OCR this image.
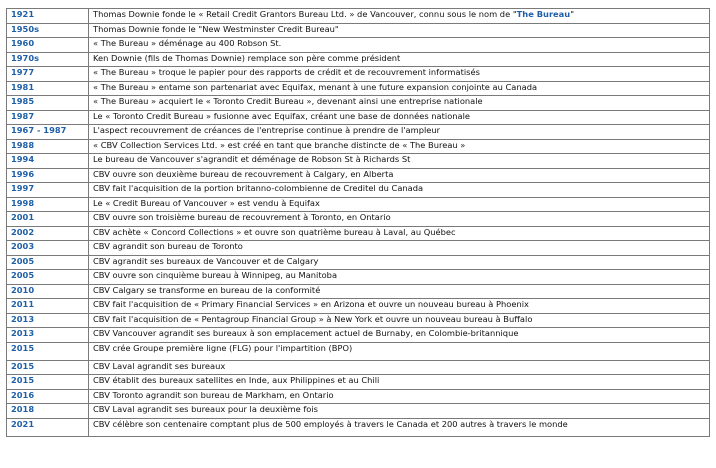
1921	Thomas Downie fonde le « Retail Credit Grantors Bureau Ltd. » de Vancouver, connu sous le nom de "The Bureau"
1950s	Thomas Downie fonde le "New Westminster Credit Bureau"
1960	« The Bureau » déménage au 400 Robson St.
1970s	Ken Downie (fils de Thomas Downie) remplace son père comme président
1977	« The Bureau » troque le papier pour des rapports de crédit et de recouvrement informatisés
1981	« The Bureau » entame son partenariat avec Equifax, menant à une future expansion conjointe au Canada
1985	« The Bureau » acquiert le « Toronto Credit Bureau », devenant ainsi une entreprise nationale
1987	Le « Toronto Credit Bureau » fusionne avec Equifax, créant une base de données nationale
1967 - 1987	L'aspect recouvrement de créances de l'entreprise continue à prendre de l'ampleur
1988	« CBV Collection Services Ltd. » est créé en tant que branche distincte de « The Bureau »
1994	Le bureau de Vancouver s'agrandit et déménage de Robson St à Richards St
1996	CBV ouvre son deuxième bureau de recouvrement à Calgary, en Alberta
1997	CBV fait l'acquisition de la portion britanno-colombienne de Creditel du Canada
1998	Le « Credit Bureau of Vancouver » est vendu à Equifax
2001	CBV ouvre son troisième bureau de recouvrement à Toronto, en Ontario
2002	CBV achète « Concord Collections » et ouvre son quatrième bureau à Laval, au Québec
2003	CBV agrandit son bureau de Toronto
2005	CBV agrandit ses bureaux de Vancouver et de Calgary
2005	CBV ouvre son cinquième bureau à Winnipeg, au Manitoba
2010	CBV Calgary se transforme en bureau de la conformité
2011	CBV fait l'acquisition de « Primary Financial Services » en Arizona et ouvre un nouveau bureau à Phoenix
2013	CBV fait l'acquisition de « Pentagroup Financial Group » à New York et ouvre un nouveau bureau à Buffalo
2013	CBV Vancouver agrandit ses bureaux à son emplacement actuel de Burnaby, en Colombie-britannique
2015	CBV crée Groupe première ligne (FLG) pour l'impartition (BPO)
2015	CBV Laval agrandit ses bureaux
2015	CBV établit des bureaux satellites en Inde, aux Philippines et au Chili
2016	CBV Toronto agrandit son bureau de Markham, en Ontario
2018	CBV Laval agrandit ses bureaux pour la deuxième fois
2021	CBV célèbre son centenaire comptant plus de 500 employés à travers le Canada et 200 autres à travers le monde
